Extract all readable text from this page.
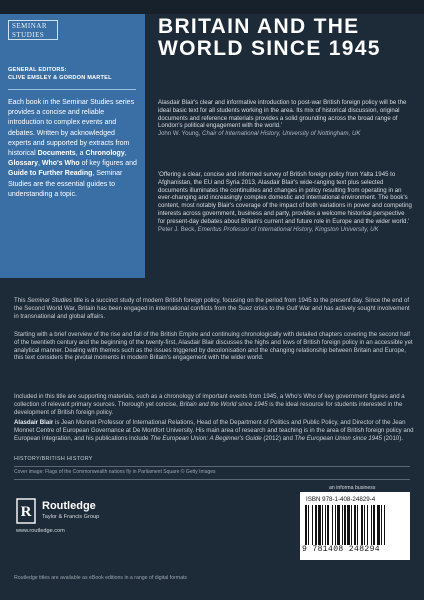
SEMINAR
STUDIES
GENERAL EDITORS:
CLIVE EMSLEY & GORDON MARTEL
Each book in the Seminar Studies series provides a concise and reliable introduction to complex events and debates. Written by acknowledged experts and supported by extracts from historical Documents, a Chronology, Glossary, Who's Who of key figures and Guide to Further Reading, Seminar Studies are the essential guides to understanding a topic.
BRITAIN AND THE WORLD SINCE 1945
Alasdair Blair's clear and informative introduction to post-war British foreign policy will be the ideal basic text for all students working in the area. Its mix of historical discussion, original documents and reference materials provides a solid grounding across the broad range of London's political engagement with the world.'
John W. Young, Chair of International History, University of Nottingham, UK
'Offering a clear, concise and informed survey of British foreign policy from Yalta 1945 to Afghanistan, the EU and Syria 2013, Alasdair Blair's wide-ranging text plus selected documents illuminates the continuities and changes in policy resulting from operating in an ever-changing and increasingly complex domestic and international environment. The book's content, most notably Blair's coverage of the impact of both variations in power and competing interests across government, business and party, provides a welcome historical perspective for present-day debates about Britain's current and future role in Europe and the wider world.'
Peter J. Beck, Emeritus Professor of International History, Kingston University, UK
This Seminar Studies title is a succinct study of modern British foreign policy, focusing on the period from 1945 to the present day. Since the end of the Second World War, Britain has been engaged in international conflicts from the Suez crisis to the Gulf War and has actively sought involvement in transnational and global affairs.
Starting with a brief overview of the rise and fall of the British Empire and continuing chronologically with detailed chapters covering the second half of the twentieth century and the beginning of the twenty-first, Alasdair Blair discusses the highs and lows of British foreign policy in an accessible yet analytical manner. Dealing with themes such as the issues triggered by decolonisation and the changing relationship between Britain and Europe, this text considers the pivotal moments in modern Britain's engagement with the wider world.
Included in this title are supporting materials, such as a chronology of important events from 1945, a Who's Who of key government figures and a collection of relevant primary sources. Thorough yet concise, Britain and the World since 1945 is the ideal resource for students interested in the development of British foreign policy.
Alasdair Blair is Jean Monnet Professor of International Relations, Head of the Department of Politics and Public Policy, and Director of the Jean Monnet Centre of European Governance at De Montfort University. His main area of research and teaching is in the area of British foreign policy and European integration, and his publications include The European Union: A Beginner's Guide (2012) and The European Union since 1945 (2010).
HISTORY/BRITISH HISTORY
Cover image: Flags of the Commonwealth nations fly in Parliament Square © Getty Images
R Routledge
Taylor & Francis Group
www.routledge.com
an informa business
ISBN 978-1-408-24829-4
9 781408 248294
Routledge titles are available as eBook editions in a range of digital formats
